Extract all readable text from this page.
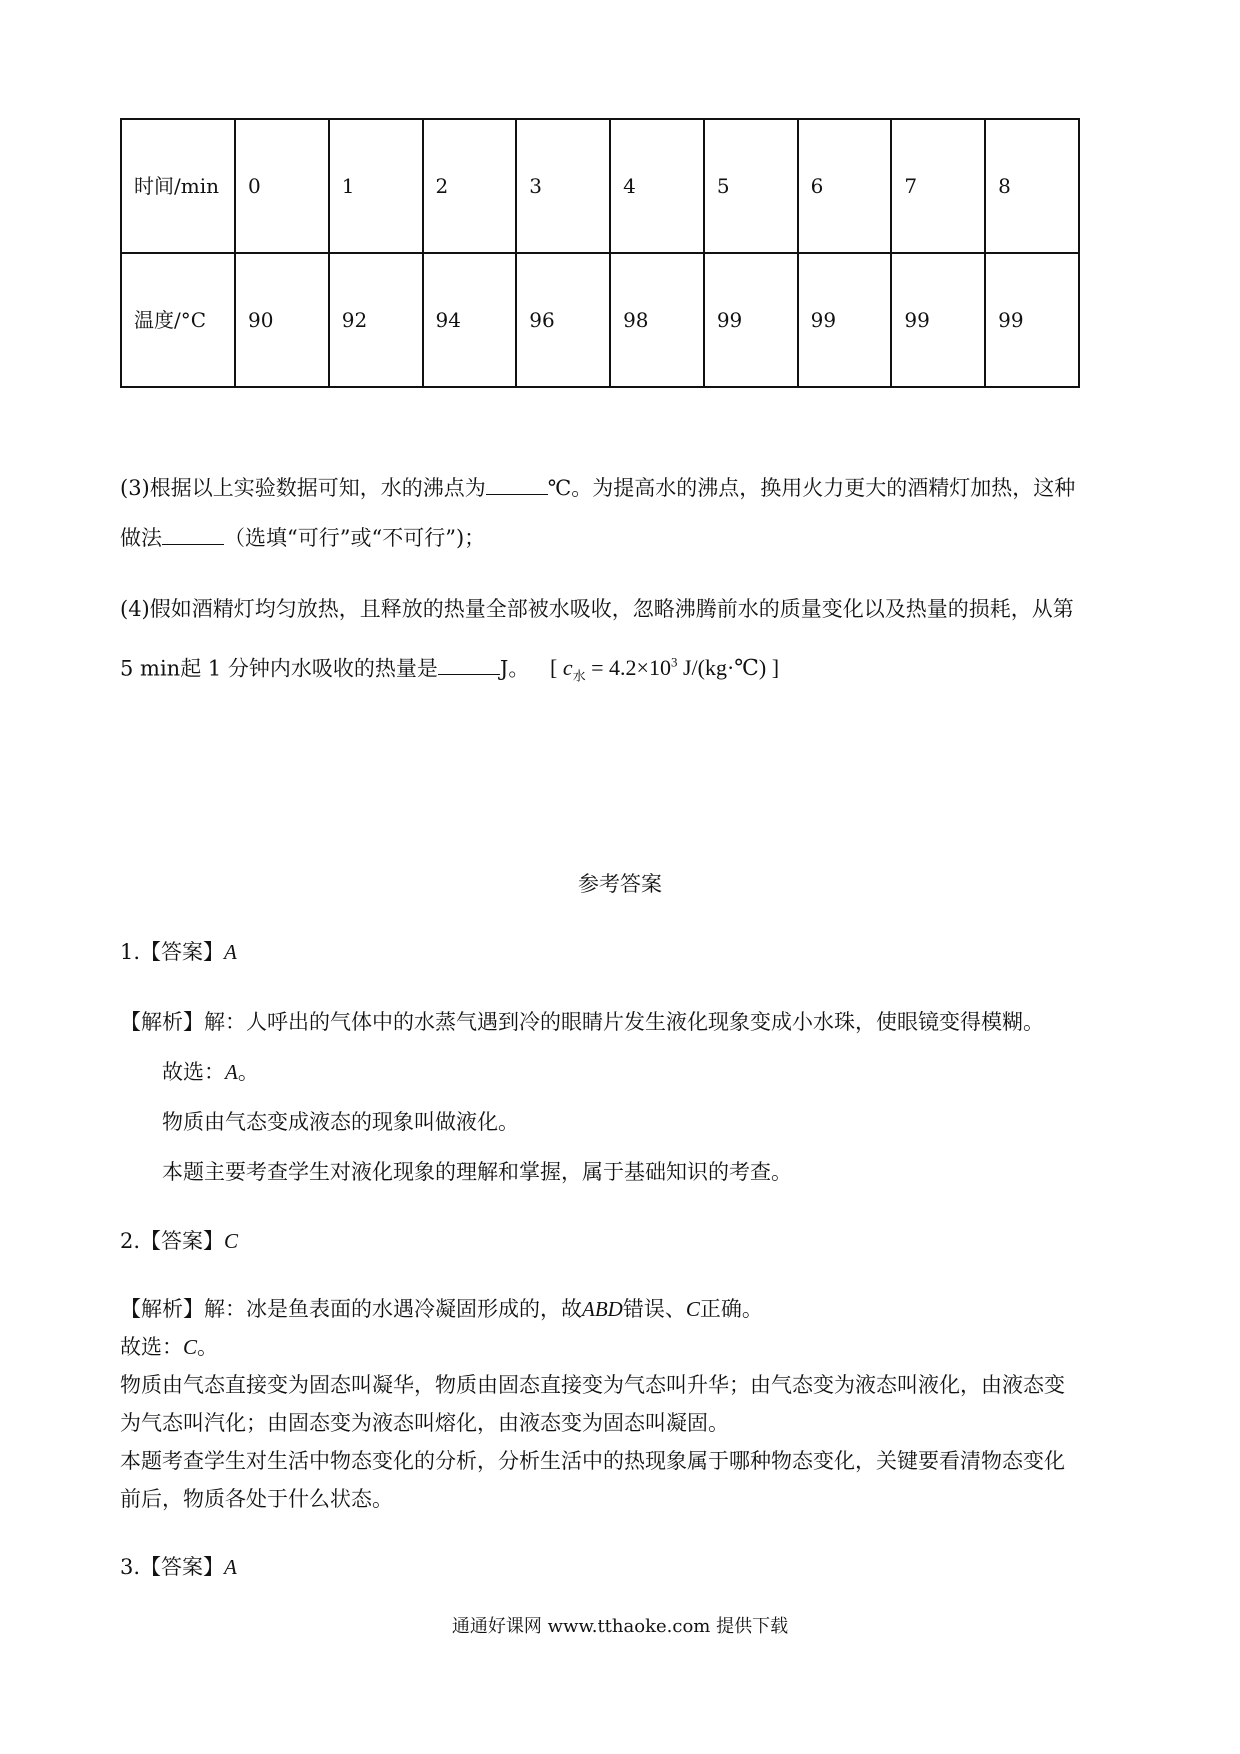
时间/min	0	1	2	3	4	5	6	7	8
温度/°C	90	92	94	96	98	99	99	99	99
(3)根据以上实验数据可知，水的沸点为	℃。为提高水的沸点，换用火力更大的酒精灯加热，这种
做法	（选填“可行”或“不可行”)；
(4)假如酒精灯均匀放热，且释放的热量全部被水吸收，忽略沸腾前水的质量变化以及热量的损耗，从第
5 min起 1 分钟内水吸收的热量是	J。 [ $c_水 = 4.2\times 10^3$ J/(kg·℃) ]
参考答案
1.【答案】A
【解析】解：人呼出的气体中的水蒸气遇到冷的眼睛片发生液化现象变成小水珠，使眼镜变得模糊。
故选：A。
物质由气态变成液态的现象叫做液化。
本题主要考查学生对液化现象的理解和掌握，属于基础知识的考查。
2.【答案】C
【解析】解：冰是鱼表面的水遇冷凝固形成的，故ABD错误、C正确。
故选：C。
物质由气态直接变为固态叫凝华，物质由固态直接变为气态叫升华；由气态变为液态叫液化，由液态变
为气态叫汽化；由固态变为液态叫熔化，由液态变为固态叫凝固。
本题考查学生对生活中物态变化的分析，分析生活中的热现象属于哪种物态变化，关键要看清物态变化
前后，物质各处于什么状态。
3.【答案】A
通通好课网 www.tthaoke.com 提供下载
